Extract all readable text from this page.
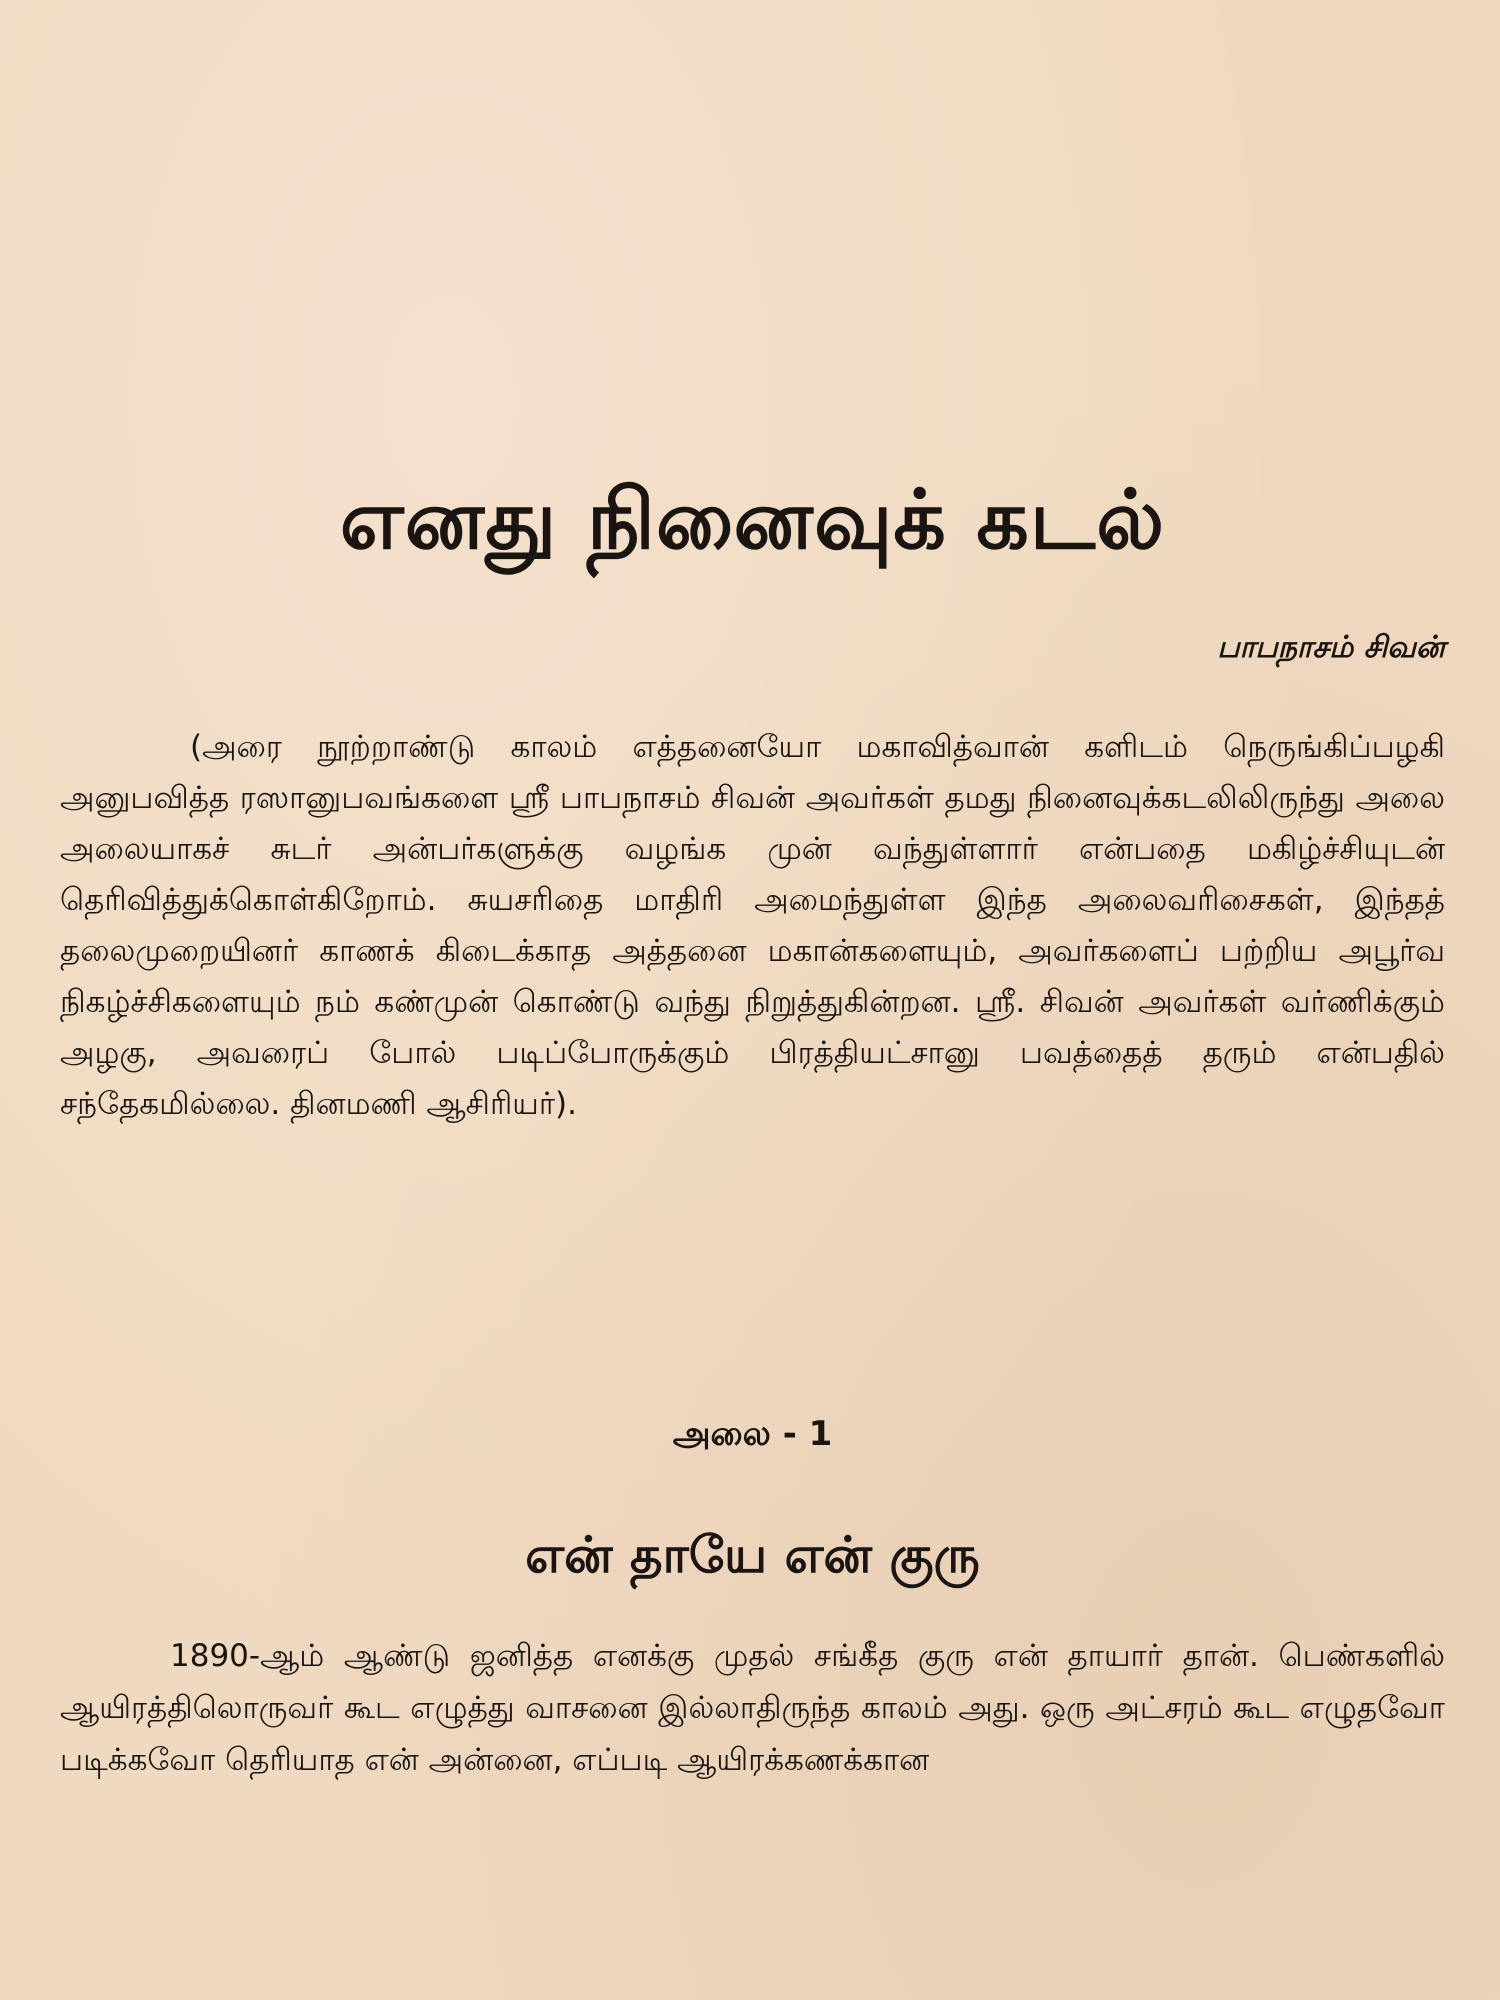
எனது நினைவுக் கடல்

பாபநாசம் சிவன்

(அரை நூற்றாண்டு காலம் எத்தனையோ மகாவித்வான் களிடம் நெருங்கிப்பழகி அனுபவித்த ரஸானுபவங்களை ஸ்ரீ பாபநாசம் சிவன் அவர்கள் தமது நினைவுக்கடலிலிருந்து அலை அலையாகச் சுடர் அன்பர்களுக்கு வழங்க முன் வந்துள்ளார் என்பதை மகிழ்ச்சியுடன் தெரிவித்துக்கொள்கிறோம். சுயசரிதை மாதிரி அமைந்துள்ள இந்த அலைவரிசைகள், இந்தத் தலைமுறையினர் காணக் கிடைக்காத அத்தனை மகான்களையும், அவர்களைப் பற்றிய அபூர்வ நிகழ்ச்சிகளையும் நம் கண்முன் கொண்டு வந்து நிறுத்துகின்றன. ஸ்ரீ. சிவன் அவர்கள் வர்ணிக்கும் அழகு, அவரைப் போல் படிப்போருக்கும் பிரத்தியட்சானு பவத்தைத் தரும் என்பதில் சந்தேகமில்லை. தினமணி ஆசிரியர்).

அலை - 1

என் தாயே என் குரு

1890-ஆம் ஆண்டு ஜனித்த எனக்கு முதல் சங்கீத குரு என் தாயார் தான். பெண்களில் ஆயிரத்திலொருவர் கூட எழுத்து வாசனை இல்லாதிருந்த காலம் அது. ஒரு அட்சரம் கூட எழுதவோ படிக்கவோ தெரியாத என் அன்னை, எப்படி ஆயிரக்கணக்கான
